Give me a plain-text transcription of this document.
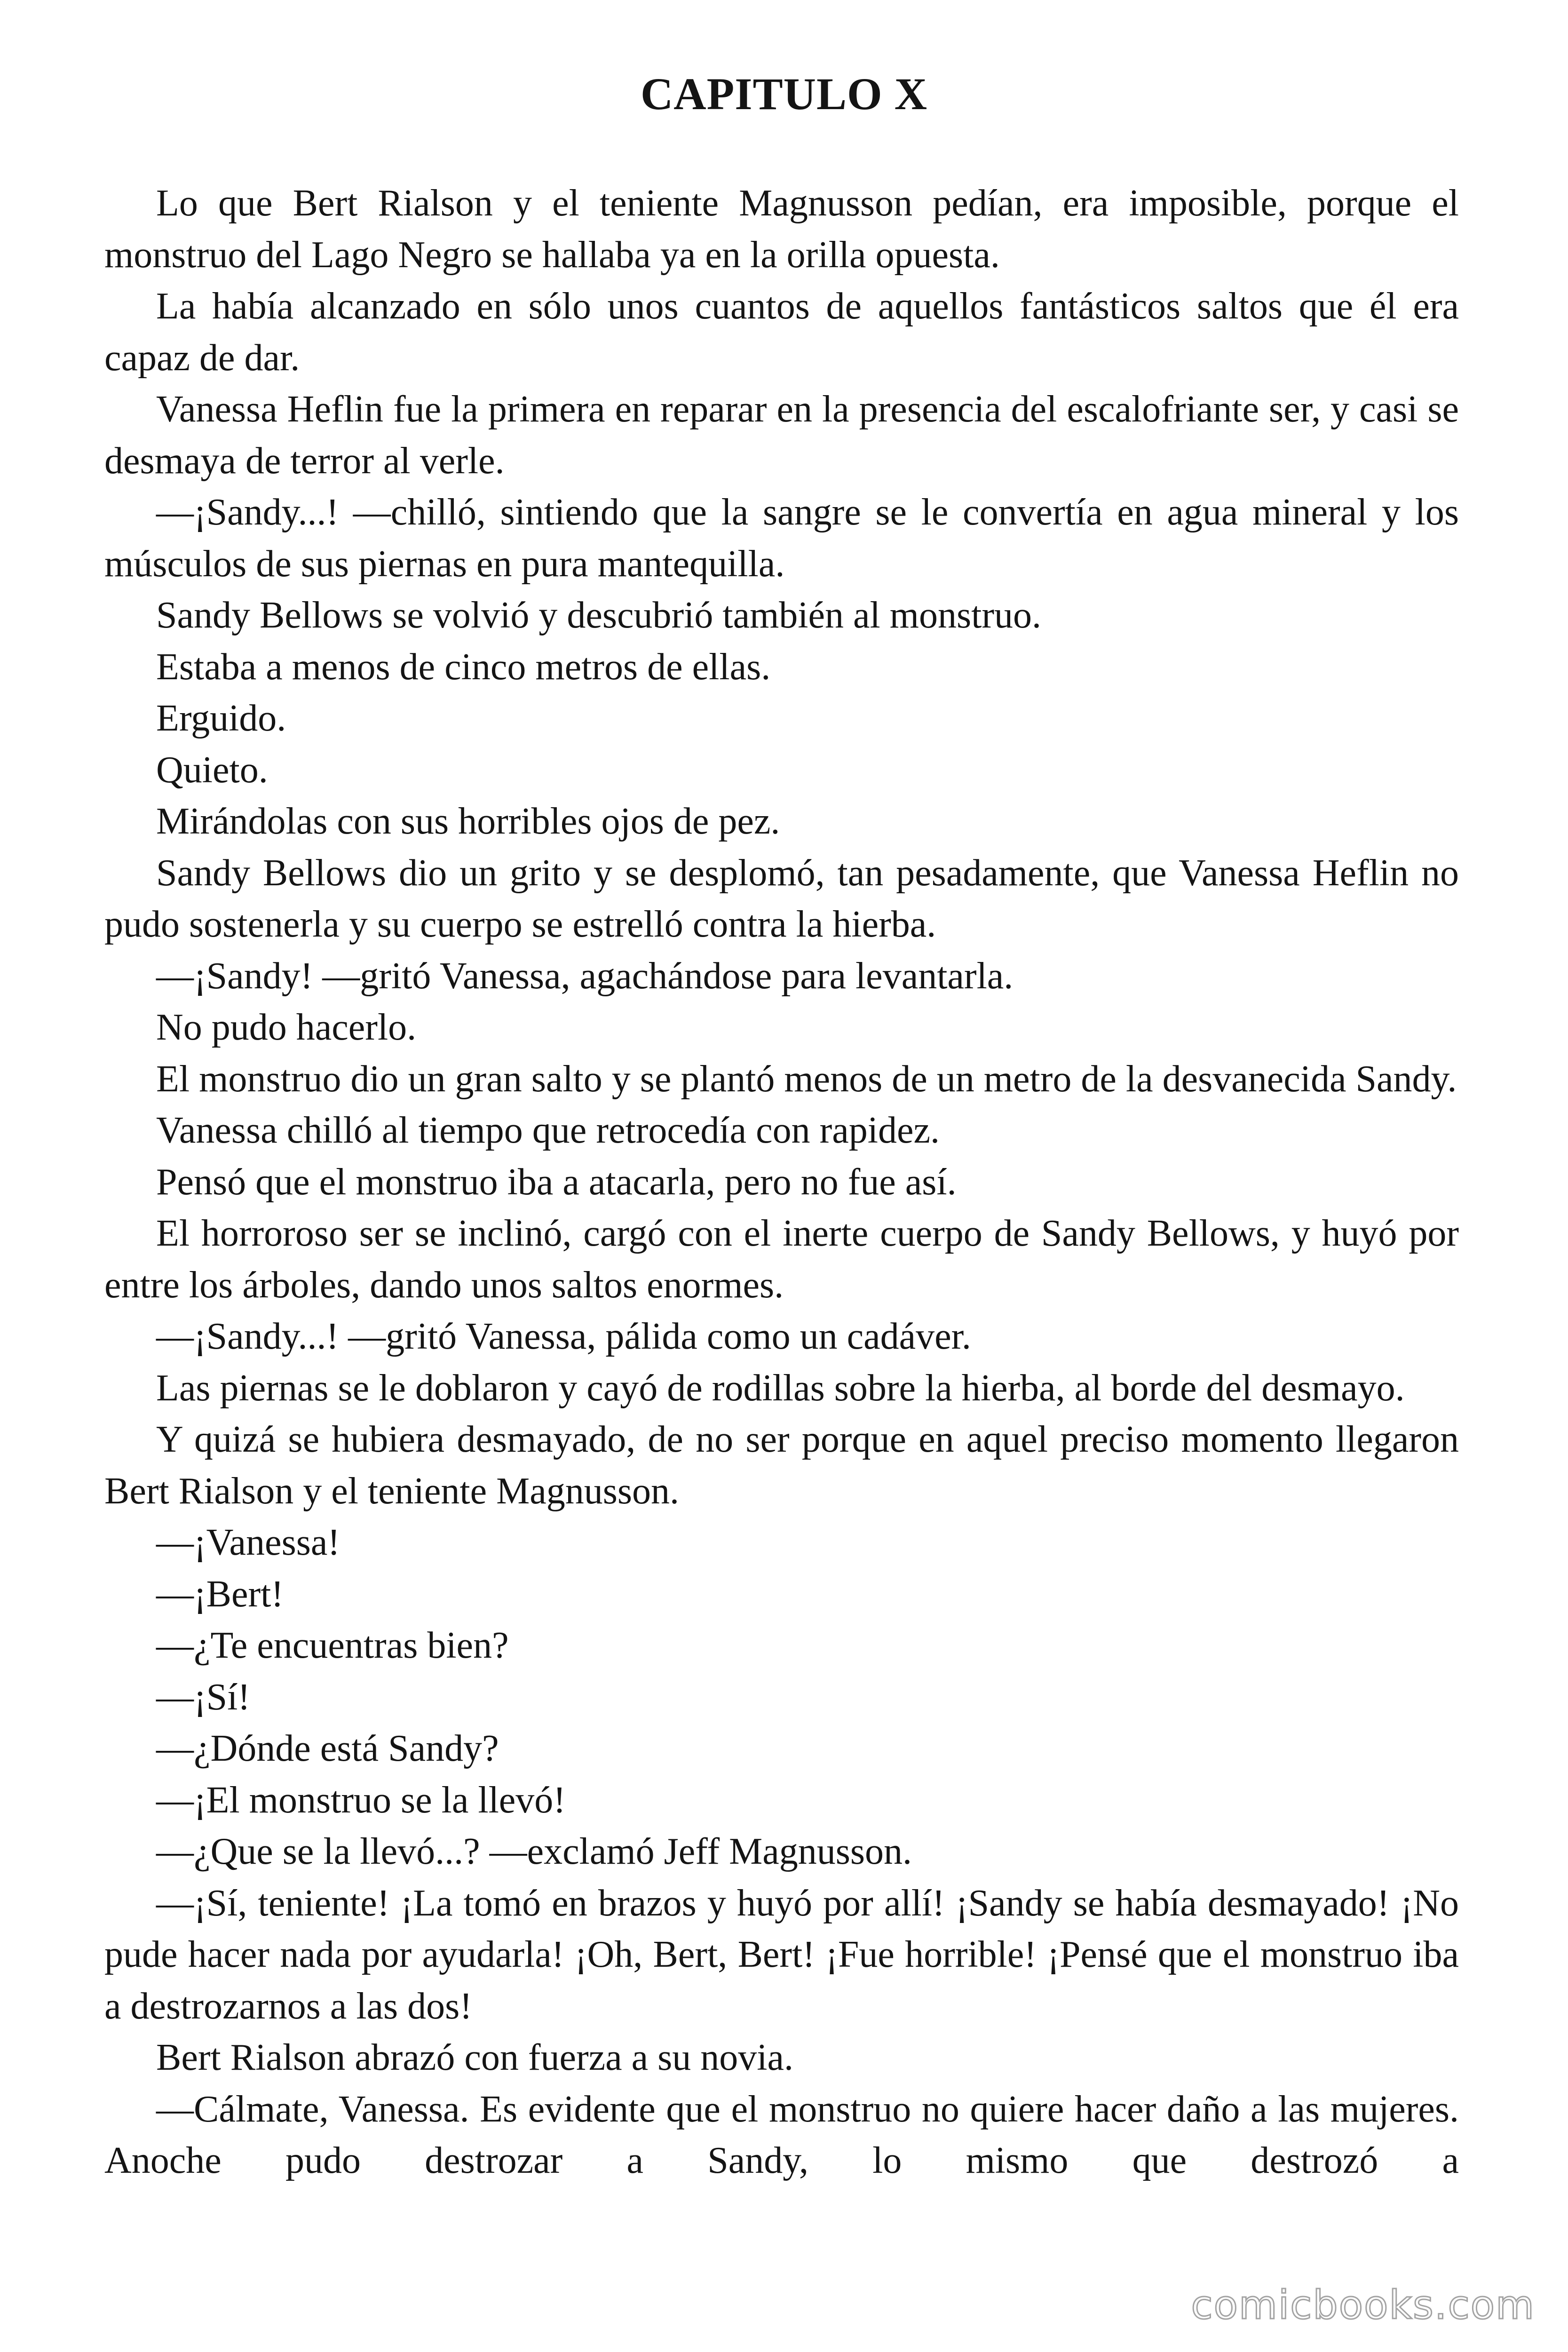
CAPITULO X

Lo que Bert Rialson y el teniente Magnusson pedían, era imposible, porque el monstruo del Lago Negro se hallaba ya en la orilla opuesta.

La había alcanzado en sólo unos cuantos de aquellos fantásticos saltos que él era capaz de dar.

Vanessa Heflin fue la primera en reparar en la presencia del escalofriante ser, y casi se desmaya de terror al verle.

—¡Sandy...! —chilló, sintiendo que la sangre se le convertía en agua mineral y los músculos de sus piernas en pura mantequilla.

Sandy Bellows se volvió y descubrió también al monstruo.

Estaba a menos de cinco metros de ellas.

Erguido.

Quieto.

Mirándolas con sus horribles ojos de pez.

Sandy Bellows dio un grito y se desplomó, tan pesadamente, que Vanessa Heflin no pudo sostenerla y su cuerpo se estrelló contra la hierba.

—¡Sandy! —gritó Vanessa, agachándose para levantarla.

No pudo hacerlo.

El monstruo dio un gran salto y se plantó menos de un metro de la desvanecida Sandy.

Vanessa chilló al tiempo que retrocedía con rapidez.

Pensó que el monstruo iba a atacarla, pero no fue así.

El horroroso ser se inclinó, cargó con el inerte cuerpo de Sandy Bellows, y huyó por entre los árboles, dando unos saltos enormes.

—¡Sandy...! —gritó Vanessa, pálida como un cadáver.

Las piernas se le doblaron y cayó de rodillas sobre la hierba, al borde del desmayo.

Y quizá se hubiera desmayado, de no ser porque en aquel preciso momento llegaron Bert Rialson y el teniente Magnusson.

—¡Vanessa!

—¡Bert!

—¿Te encuentras bien?

—¡Sí!

—¿Dónde está Sandy?

—¡El monstruo se la llevó!

—¿Que se la llevó...? —exclamó Jeff Magnusson.

—¡Sí, teniente! ¡La tomó en brazos y huyó por allí! ¡Sandy se había desmayado! ¡No pude hacer nada por ayudarla! ¡Oh, Bert, Bert! ¡Fue horrible! ¡Pensé que el monstruo iba a destrozarnos a las dos!

Bert Rialson abrazó con fuerza a su novia.

—Cálmate, Vanessa. Es evidente que el monstruo no quiere hacer daño a las mujeres. Anoche pudo destrozar a Sandy, lo mismo que destrozó a

comicbooks.com
